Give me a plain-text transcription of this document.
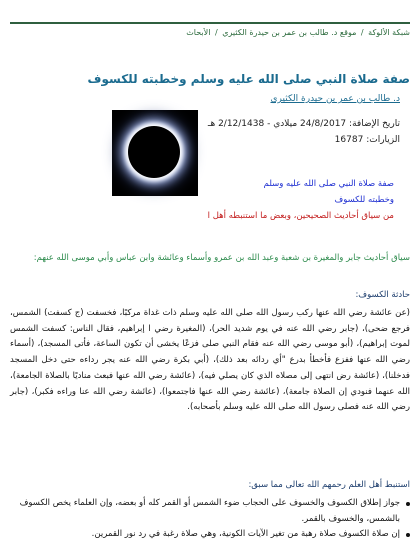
شبكة الألوكة / موقع د. طالب بن عمر بن حيدرة الكثيري / الأبحاث
صفة صلاة النبي صلى الله عليه وسلم وخطبته للكسوف
د. طالب بن عمر بن حيدرة الكثيري
تاريخ الإضافة: 24/8/2017 ميلادي - 2/12/1438 هـ
الزيارات: 16787
صفة صلاة النبي صلى الله عليه وسلم
وخطبته للكسوف
من سياق أحاديث الصحيحين، وبعض ما استنبطه أهل ا
سياق أحاديث جابر والمغيرة بن شعبة وعبد الله بن عمرو وأسماء وعائشة وابن عباس وأبي موسى الله عنهم:
حادثة الكسوف:
(عن عائشة رضي الله عنها ركب رسول الله صلى الله عليه وسلم ذات غداة مركبًا، فخسفت (ج كسفت) الشمس، فرجع ضحى)، (جابر رضي الله عنه في يوم شديد الحر)، (المغيرة رضي ا إبراهيم، فقال الناس: كسفت الشمس لموت إبراهيم)، (أبو موسى رضي الله عنه فقام النبي صلى فزعًا يخشى أن تكون الساعة، فأتى المسجد)، (أسماء رضي الله عنها ففزع فأخطأ بدرع "أي ردائه بعد ذلك)، (أبي بكرة رضي الله عنه يجر رداءه حتى دخل المسجد فدخلنا)، (عائشة رض انتهى إلى مصلاه الذي كان يصلي فيه)، (عائشة رضي الله عنها فبعث مناديًا بالصلاة الجامعة)، الله عنهما فنودي إن الصلاة جامعة)، (عائشة رضي الله عنها فاجتمعوا)، (عائشة رضي الله عنا وراءه فكبر)، (جابر رضي الله عنه فصلى رسول الله صلى الله عليه وسلم بأصحابه).
استنبط أهل العلم رحمهم الله تعالى مما سبق:
جواز إطلاق الكسوف والخسوف على الحجاب ضوء الشمس أو القمر كله أو بعضه، وإن العلماء يخص الكسوف بالشمس، والخسوف بالقمر.
إن صلاة الكسوف صلاة رهبة من تغير الآيات الكونية، وهي صلاة رغبة في رد نور القمرين.
